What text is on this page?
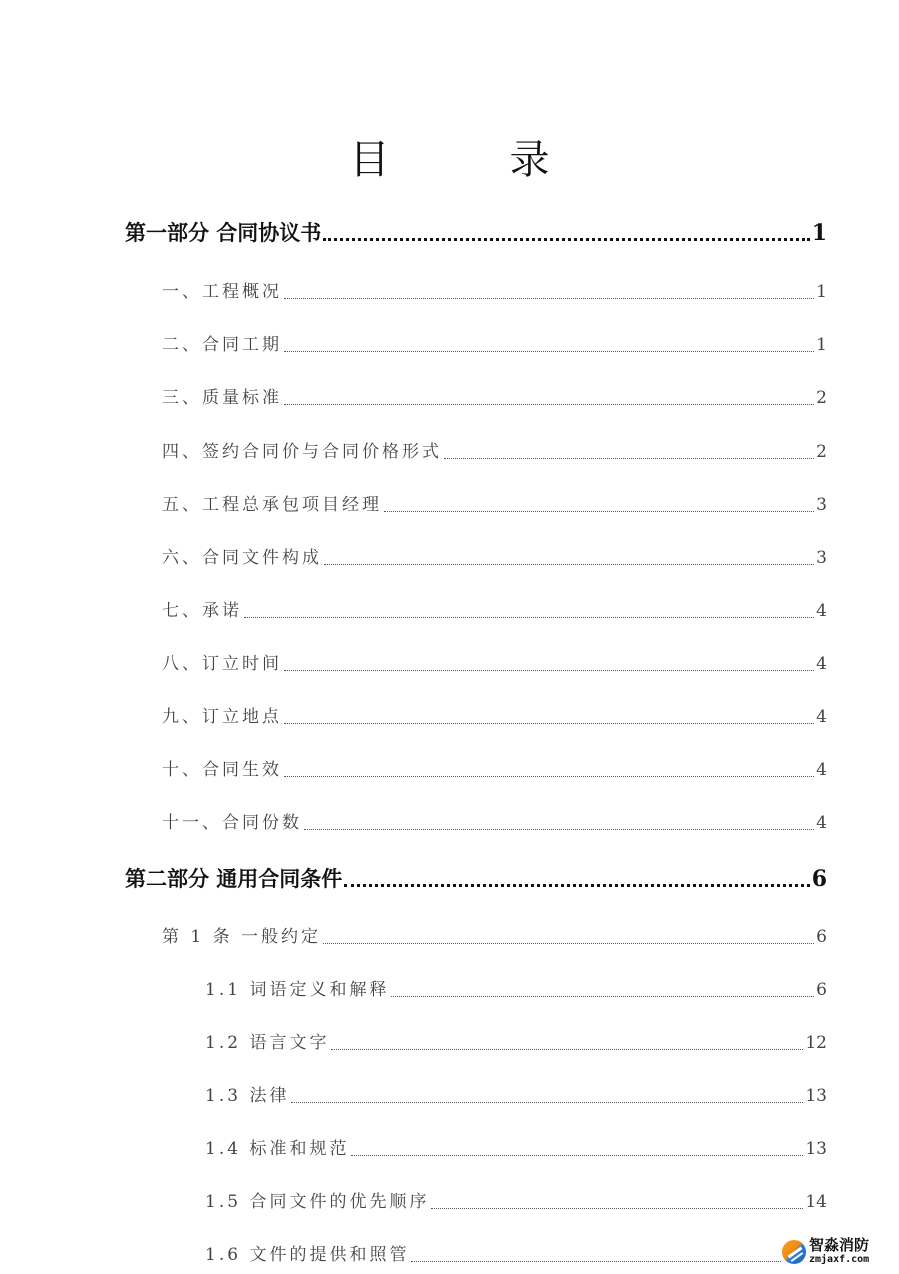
目　录
第一部分 合同协议书	1
一、工程概况	1
二、合同工期	1
三、质量标准	2
四、签约合同价与合同价格形式	2
五、工程总承包项目经理	3
六、合同文件构成	3
七、承诺	4
八、订立时间	4
九、订立地点	4
十、合同生效	4
十一、合同份数	4
第二部分 通用合同条件	6
第 1 条 一般约定	6
1.1 词语定义和解释	6
1.2 语言文字	12
1.3 法律	13
1.4 标准和规范	13
1.5 合同文件的优先顺序	14
1.6 文件的提供和照管	智淼消防
zmjaxf.com
